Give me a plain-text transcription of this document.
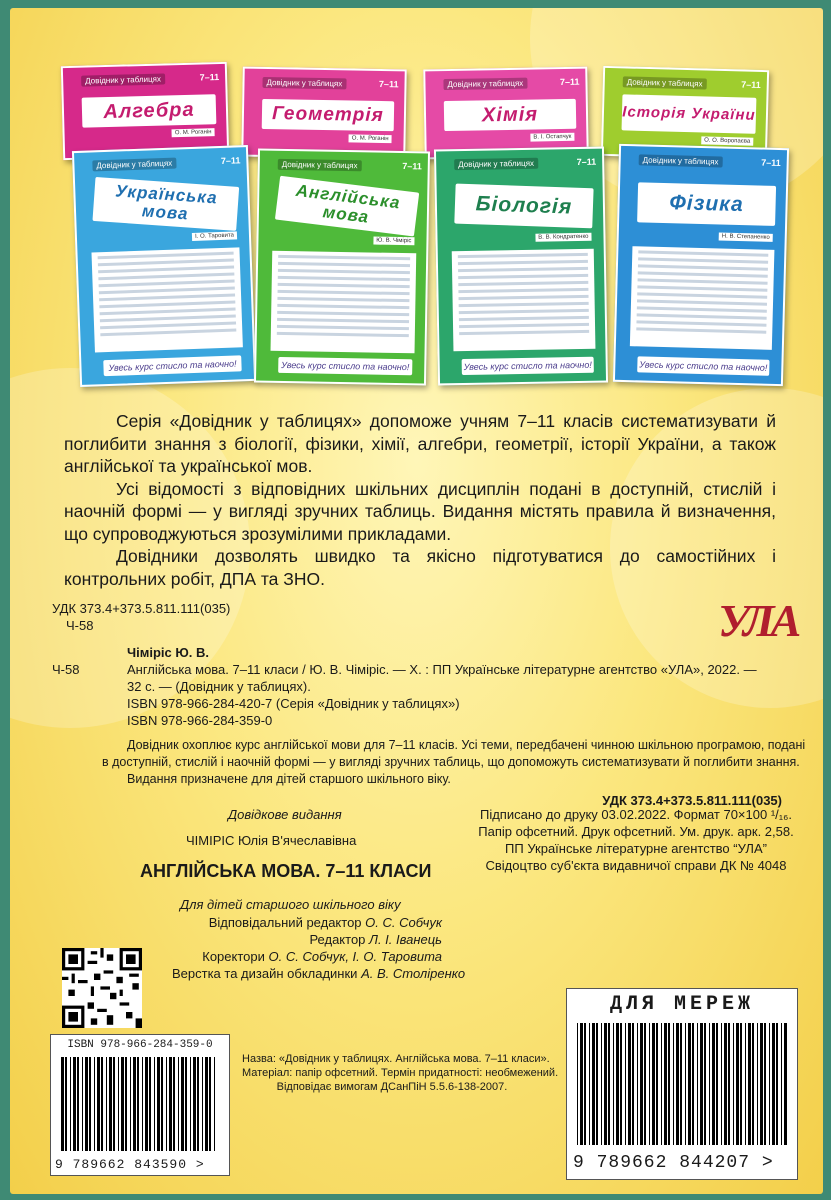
Довідник у таблицях	7–11
Алгебра
О. М. Роганін
Довідник у таблицях	7–11
Геометрія
О. М. Роганін
Довідник у таблицях	7–11
Хімія
В. І. Остапчук
Довідник у таблицях	7–11
Історія України
О. О. Воропаєва
Довідник у таблицях	7–11
Українська мова
І. О. Таровита
Увесь курс стисло та наочно!
Довідник у таблицях	7–11
Англійська мова
Ю. В. Чіміріс
Увесь курс стисло та наочно!
Довідник у таблицях	7–11
Біологія
В. В. Кондратенко
Увесь курс стисло та наочно!
Довідник у таблицях	7–11
Фізика
Н. В. Степаненко
Увесь курс стисло та наочно!

Серія «Довідник у таблицях» допоможе учням 7–11 класів систематизувати й поглибити знання з біології, фізики, хімії, алгебри, геометрії, історії України, а також англійської та української мов.

Усі відомості з відповідних шкільних дисциплін подані в доступній, стислій і наочній формі — у вигляді зручних таблиць. Видання містять правила й визначення, що супроводжуються зрозумілими прикладами.

Довідники дозволять швидко та якісно підготуватися до самостійних і контрольних робіт, ДПА та ЗНО.

УДК 373.4+373.5.811.111(035)
Ч-58
Чіміріс Ю. В.
Ч-58	Англійська мова. 7–11 класи / Ю. В. Чіміріс. — Х. : ПП Українське літературне агентство «УЛА», 2022. —
32 с. — (Довідник у таблицях).
ISBN 978-966-284-420-7 (Серія «Довідник у таблицях»)
ISBN 978-966-284-359-0
Довідник охоплює курс англійської мови для 7–11 класів. Усі теми, передбачені чинною шкільною програмою, подані
в доступній, стислій і наочній формі — у вигляді зручних таблиць, що допоможуть систематизувати й поглибити знання.
Видання призначене для дітей старшого шкільного віку.
УДК 373.4+373.5.811.111(035)
УЛА
Довідкове видання
ЧІМІРІС Юлія В'ячеславівна
АНГЛІЙСЬКА МОВА. 7–11 КЛАСИ
Для дітей старшого шкільного віку
Відповідальний редактор О. С. Собчук
Редактор Л. І. Іванець
Коректори О. С. Собчук, І. О. Таровита
Верстка та дизайн обкладинки А. В. Століренко
Підписано до друку 03.02.2022. Формат 70×100 ¹/₁₆.
Папір офсетний. Друк офсетний. Ум. друк. арк. 2,58.
ПП Українське літературне агентство “УЛА”
Свідоцтво суб'єкта видавничої справи ДК № 4048
ISBN 978-966-284-359-0
9 789662 843590 >
Назва: «Довідник у таблицях. Англійська мова. 7–11 класи».
Матеріал: папір офсетний. Термін придатності: необмежений.
Відповідає вимогам ДСанПіН 5.5.6-138-2007.
ДЛЯ МЕРЕЖ
9 789662 844207 >
